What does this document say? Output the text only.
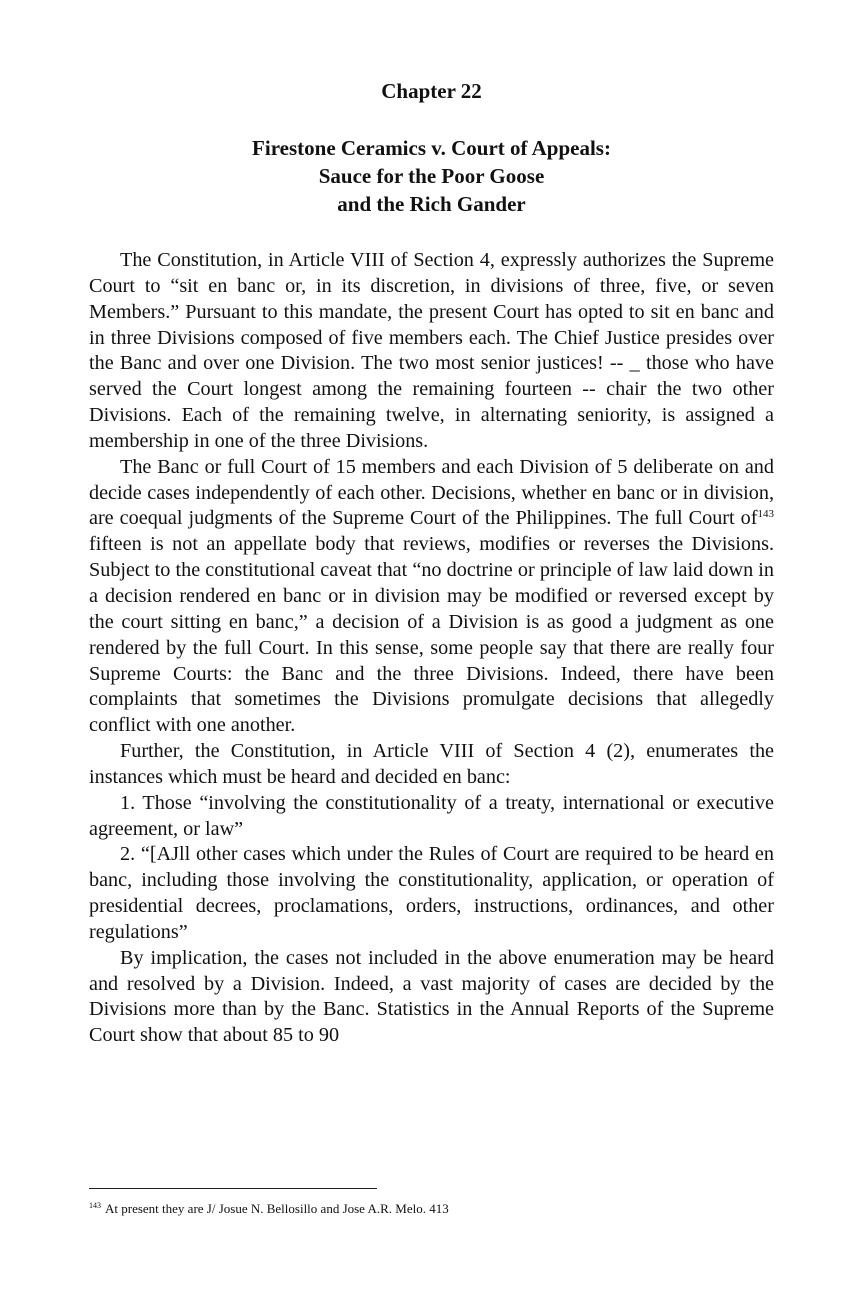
Chapter 22
Firestone Ceramics v. Court of Appeals:
Sauce for the Poor Goose
and the Rich Gander

The Constitution, in Article VIII of Section 4, expressly authorizes the Supreme Court to “sit en banc or, in its discretion, in divisions of three, five, or seven Members.” Pursuant to this mandate, the present Court has opted to sit en banc and in three Divisions composed of five members each. The Chief Justice presides over the Banc and over one Division. The two most senior justices! -- _ those who have served the Court longest among the remaining fourteen -- chair the two other Divisions. Each of the remaining twelve, in alternating seniority, is assigned a membership in one of the three Divisions.

The Banc or full Court of 15 members and each Division of 5 deliberate on and decide cases independently of each other. Decisions, whether en banc or in division, are coequal judgments of the Supreme Court of the Philippines. The full Court $of^{143}$ fifteen is not an appellate body that reviews, modifies or reverses the Divisions. Subject to the constitutional caveat that “no doctrine or principle of law laid down in a decision rendered en banc or in division may be modified or reversed except by the court sitting en banc,” a decision of a Division is as good a judgment as one rendered by the full Court. In this sense, some people say that there are really four Supreme Courts: the Banc and the three Divisions. Indeed, there have been complaints that sometimes the Divisions promulgate decisions that allegedly conflict with one another.

Further, the Constitution, in Article VIII of Section 4 (2), enumerates the instances which must be heard and decided en banc:

1. Those “involving the constitutionality of a treaty, international or executive agreement, or law”

2. “[AJll other cases which under the Rules of Court are required to be heard en banc, including those involving the constitutionality, application, or operation of presidential decrees, proclamations, orders, instructions, ordinances, and other regulations”

By implication, the cases not included in the above enumeration may be heard and resolved by a Division. Indeed, a vast majority of cases are decided by the Divisions more than by the Banc. Statistics in the Annual Reports of the Supreme Court show that about 85 to 90

$^{143}$ At present they are J/ Josue N. Bellosillo and Jose A.R. Melo. 413
